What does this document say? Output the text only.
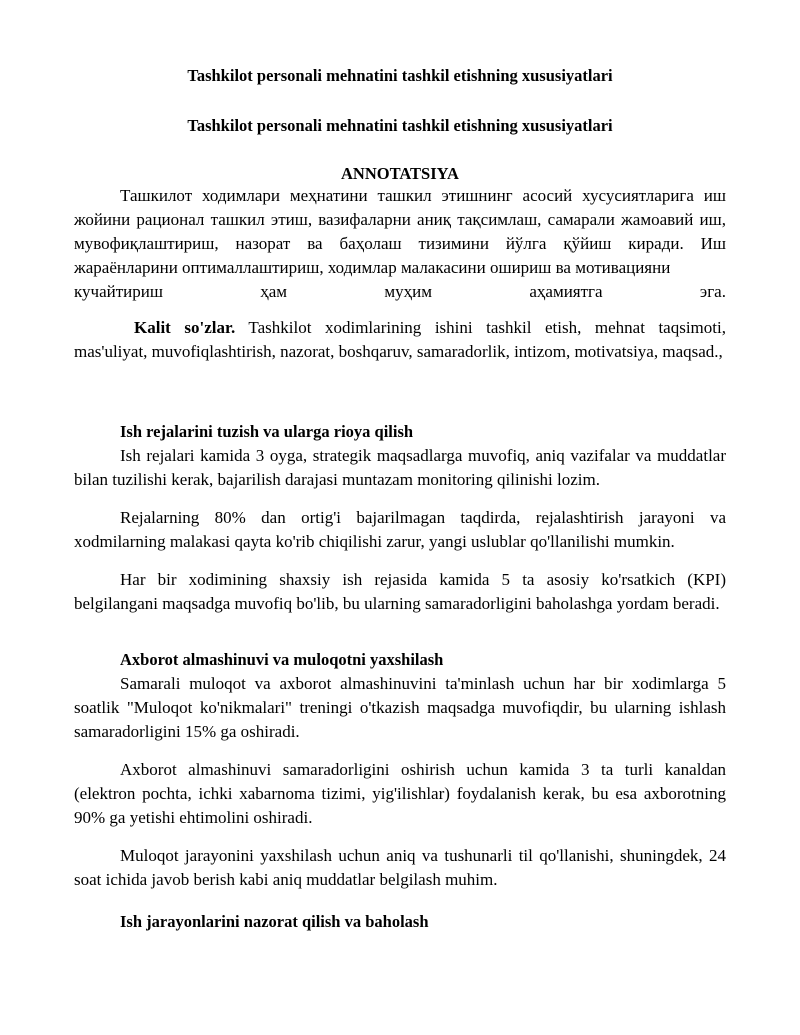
Tashkilot personali mehnatini tashkil etishning xususiyatlari
Tashkilot personali mehnatini tashkil etishning xususiyatlari
ANNOTATSIYA

Ташкилот ходимлари меҳнатини ташкил этишнинг асосий хусусиятларига иш жойини рационал ташкил этиш, вазифаларни аниқ тақсимлаш, самарали жамоавий иш, мувофиқлаштириш, назорат ва баҳолаш тизимини йўлга қўйиш киради. Иш жараёнларини оптималлаштириш, ходимлар малакасини ошириш ва мотивацияни

кучайтириш	ҳам	муҳим	аҳамиятга	эга.

Kalit so'zlar. Tashkilot xodimlarining ishini tashkil etish, mehnat taqsimoti, mas'uliyat, muvofiqlashtirish, nazorat, boshqaruv, samaradorlik, intizom, motivatsiya, maqsad.,

Ish rejalarini tuzish va ularga rioya qilish

Ish rejalari kamida 3 oyga, strategik maqsadlarga muvofiq, aniq vazifalar va muddatlar bilan tuzilishi kerak, bajarilish darajasi muntazam monitoring qilinishi lozim.

Rejalarning 80% dan ortig'i bajarilmagan taqdirda, rejalashtirish jarayoni va xodmilarning malakasi qayta ko'rib chiqilishi zarur, yangi uslublar qo'llanilishi mumkin.

Har bir xodimining shaxsiy ish rejasida kamida 5 ta asosiy ko'rsatkich (KPI) belgilangani maqsadga muvofiq bo'lib, bu ularning samaradorligini baholashga yordam beradi.

Axborot almashinuvi va muloqotni yaxshilash

Samarali muloqot va axborot almashinuvini ta'minlash uchun har bir xodimlarga 5 soatlik "Muloqot ko'nikmalari" treningi o'tkazish maqsadga muvofiqdir, bu ularning ishlash samaradorligini 15% ga oshiradi.

Axborot almashinuvi samaradorligini oshirish uchun kamida 3 ta turli kanaldan (elektron pochta, ichki xabarnoma tizimi, yig'ilishlar) foydalanish kerak, bu esa axborotning 90% ga yetishi ehtimolini oshiradi.

Muloqot jarayonini yaxshilash uchun aniq va tushunarli til qo'llanishi, shuningdek, 24 soat ichida javob berish kabi aniq muddatlar belgilash muhim.

Ish jarayonlarini nazorat qilish va baholash
